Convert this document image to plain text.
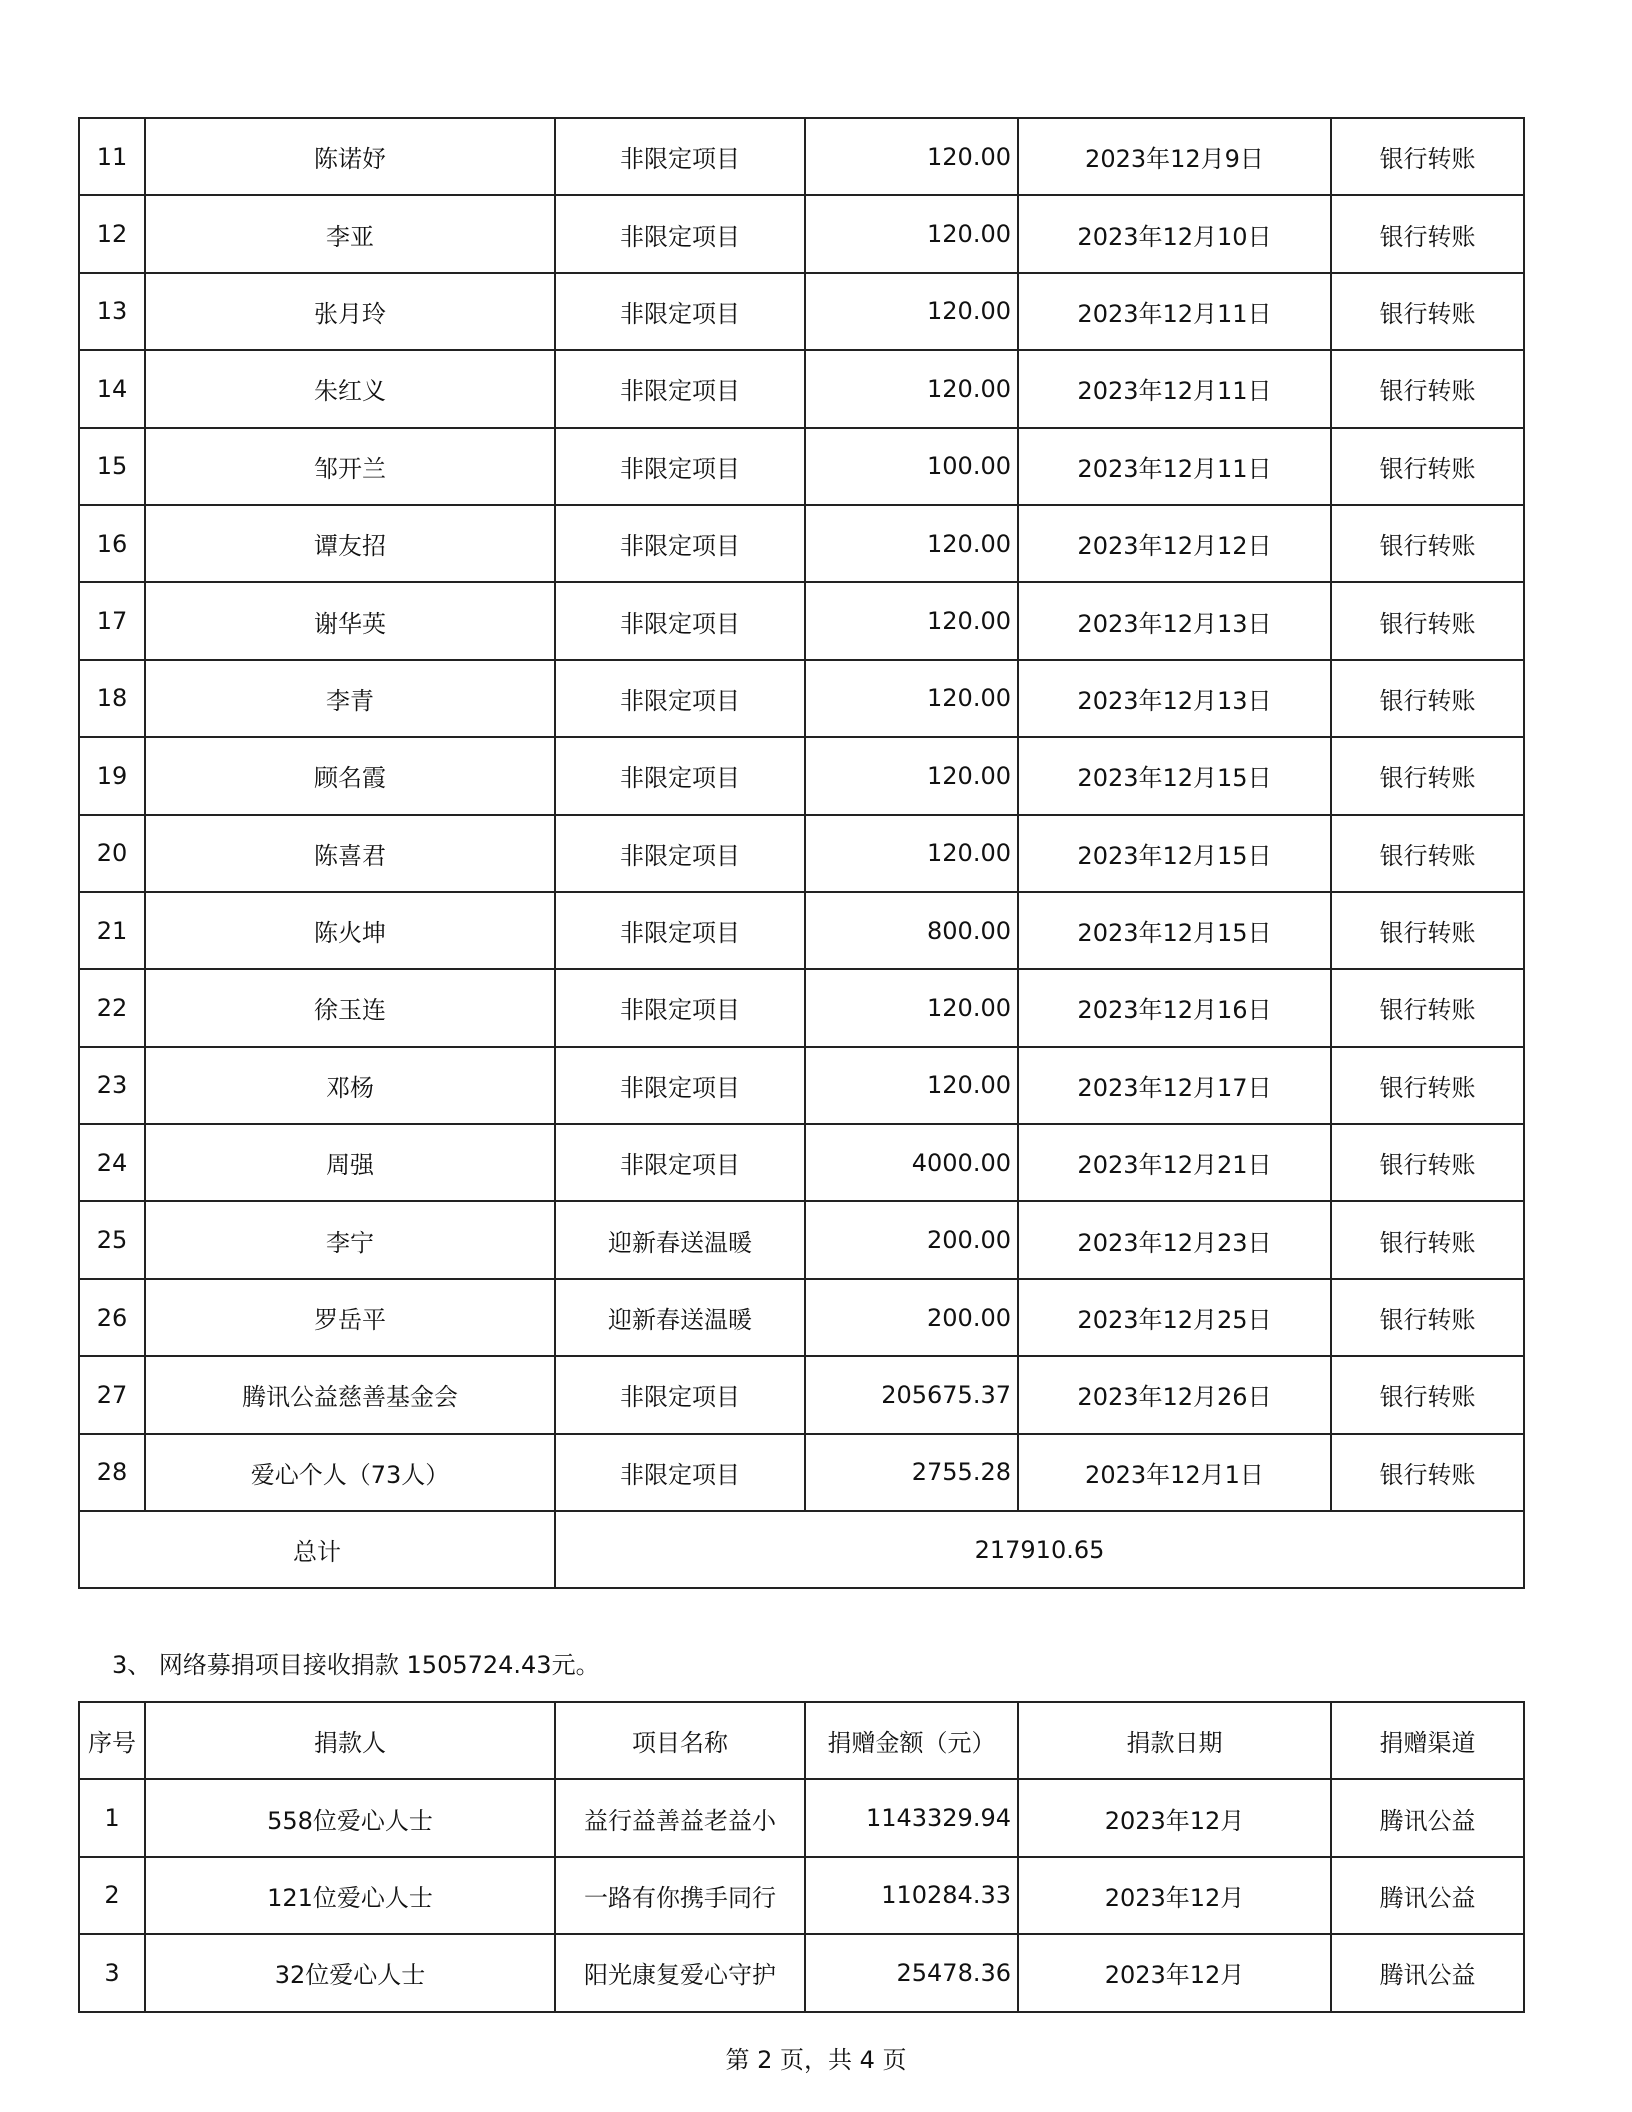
11	陈诺妤	非限定项目	120.00	2023年12月9日	银行转账
12	李亚	非限定项目	120.00	2023年12月10日	银行转账
13	张月玲	非限定项目	120.00	2023年12月11日	银行转账
14	朱红义	非限定项目	120.00	2023年12月11日	银行转账
15	邹开兰	非限定项目	100.00	2023年12月11日	银行转账
16	谭友招	非限定项目	120.00	2023年12月12日	银行转账
17	谢华英	非限定项目	120.00	2023年12月13日	银行转账
18	李青	非限定项目	120.00	2023年12月13日	银行转账
19	顾名霞	非限定项目	120.00	2023年12月15日	银行转账
20	陈喜君	非限定项目	120.00	2023年12月15日	银行转账
21	陈火坤	非限定项目	800.00	2023年12月15日	银行转账
22	徐玉连	非限定项目	120.00	2023年12月16日	银行转账
23	邓杨	非限定项目	120.00	2023年12月17日	银行转账
24	周强	非限定项目	4000.00	2023年12月21日	银行转账
25	李宁	迎新春送温暖	200.00	2023年12月23日	银行转账
26	罗岳平	迎新春送温暖	200.00	2023年12月25日	银行转账
27	腾讯公益慈善基金会	非限定项目	205675.37	2023年12月26日	银行转账
28	爱心个人（73人）	非限定项目	2755.28	2023年12月1日	银行转账
总计		217910.65			
3、 网络募捐项目接收捐款 1505724.43元。
序号	捐款人	项目名称	捐赠金额（元）	捐款日期	捐赠渠道
1	558位爱心人士	益行益善益老益小	1143329.94	2023年12月	腾讯公益
2	121位爱心人士	一路有你携手同行	110284.33	2023年12月	腾讯公益
3	32位爱心人士	阳光康复爱心守护	25478.36	2023年12月	腾讯公益
第 2 页，共 4 页
